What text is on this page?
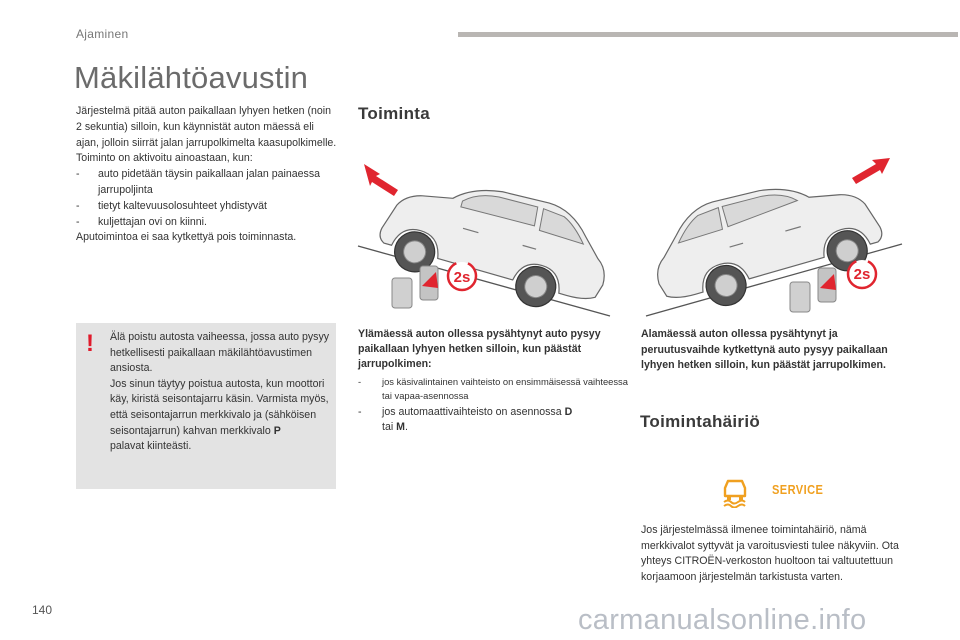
Ajaminen
Mäkilähtöavustin

Järjestelmä pitää auton paikallaan lyhyen hetken (noin 2 sekuntia) silloin, kun käynnistät auton mäessä eli ajan, jolloin siirrät jalan jarrupolkimelta kaasupolkimelle.

Toiminto on aktivoitu ainoastaan, kun:

-	auto pidetään täysin paikallaan jalan painaessa jarrupoljinta
-	tietyt kaltevuusolosuhteet yhdistyvät
-	kuljettajan ovi on kiinni.

Aputoimintoa ei saa kytkettyä pois toiminnasta.

! Älä poistu autosta vaiheessa, jossa auto pysyy hetkellisesti paikallaan mäkilähtöavustimen ansiosta.
Jos sinun täytyy poistua autosta, kun moottori käy, kiristä seisontajarru käsin. Varmista myös, että seisontajarrun merkkivalo ja (sähköisen seisontajarrun) kahvan merkkivalo P
palavat kiinteästi.
Toiminta
2s	2s
Ylämäessä auton ollessa pysähtynyt auto pysyy paikallaan lyhyen hetken silloin, kun päästät jarrupolkimen:
-	jos käsivalintainen vaihteisto on ensimmäisessä vaihteessa tai vapaa-asennossa
-	jos automaattivaihteisto on asennossa D
tai M.
Alamäessä auton ollessa pysähtynyt ja peruutusvaihde kytkettynä auto pysyy paikallaan lyhyen hetken silloin, kun päästät jarrupolkimen.
Toimintahäiriö
SERVICE
Jos järjestelmässä ilmenee toimintahäiriö, nämä merkkivalot syttyvät ja varoitusviesti tulee näkyviin. Ota yhteys CITROËN-verkoston huoltoon tai valtuutettuun korjaamoon järjestelmän tarkistusta varten.
140	carmanualsonline.info
